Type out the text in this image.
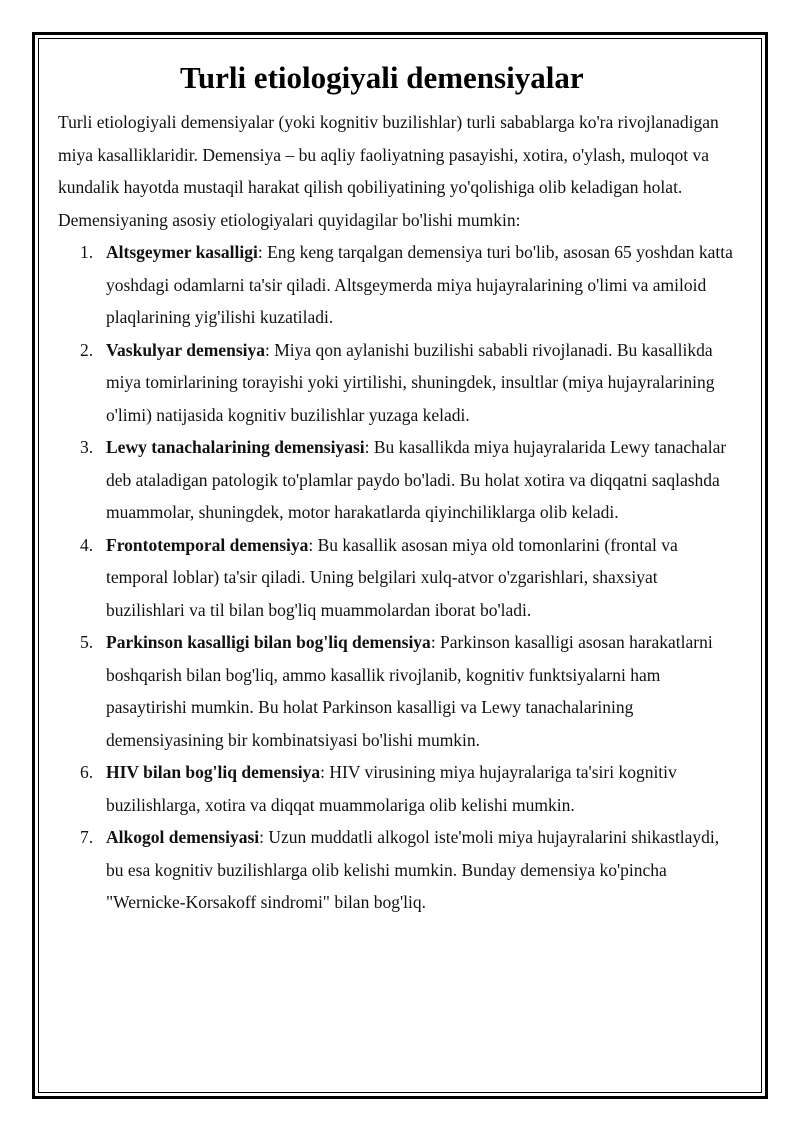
Turli etiologiyali demensiyalar

Turli etiologiyali demensiyalar (yoki kognitiv buzilishlar) turli sabablarga ko'ra rivojlanadigan miya kasalliklaridir. Demensiya – bu aqliy faoliyatning pasayishi, xotira, o'ylash, muloqot va kundalik hayotda mustaqil harakat qilish qobiliyatining yo'qolishiga olib keladigan holat.

Demensiyaning asosiy etiologiyalari quyidagilar bo'lishi mumkin:

1. Altsgeymer kasalligi: Eng keng tarqalgan demensiya turi bo'lib, asosan 65 yoshdan katta yoshdagi odamlarni ta'sir qiladi. Altsgeymerda miya hujayralarining o'limi va amiloid plaqlarining yig'ilishi kuzatiladi.
2. Vaskulyar demensiya: Miya qon aylanishi buzilishi sababli rivojlanadi. Bu kasallikda miya tomirlarining torayishi yoki yirtilishi, shuningdek, insultlar (miya hujayralarining o'limi) natijasida kognitiv buzilishlar yuzaga keladi.
3. Lewy tanachalarining demensiyasi: Bu kasallikda miya hujayralarida Lewy tanachalar deb ataladigan patologik to'plamlar paydo bo'ladi. Bu holat xotira va diqqatni saqlashda muammolar, shuningdek, motor harakatlarda qiyinchiliklarga olib keladi.
4. Frontotemporal demensiya: Bu kasallik asosan miya old tomonlarini (frontal va temporal loblar) ta'sir qiladi. Uning belgilari xulq-atvor o'zgarishlari, shaxsiyat buzilishlari va til bilan bog'liq muammolardan iborat bo'ladi.
5. Parkinson kasalligi bilan bog'liq demensiya: Parkinson kasalligi asosan harakatlarni boshqarish bilan bog'liq, ammo kasallik rivojlanib, kognitiv funktsiyalarni ham pasaytirishi mumkin. Bu holat Parkinson kasalligi va Lewy tanachalarining demensiyasining bir kombinatsiyasi bo'lishi mumkin.
6. HIV bilan bog'liq demensiya: HIV virusining miya hujayralariga ta'siri kognitiv buzilishlarga, xotira va diqqat muammolariga olib kelishi mumkin.
7. Alkogol demensiyasi: Uzun muddatli alkogol iste'moli miya hujayralarini shikastlaydi, bu esa kognitiv buzilishlarga olib kelishi mumkin. Bunday demensiya ko'pincha "Wernicke-Korsakoff sindromi" bilan bog'liq.
